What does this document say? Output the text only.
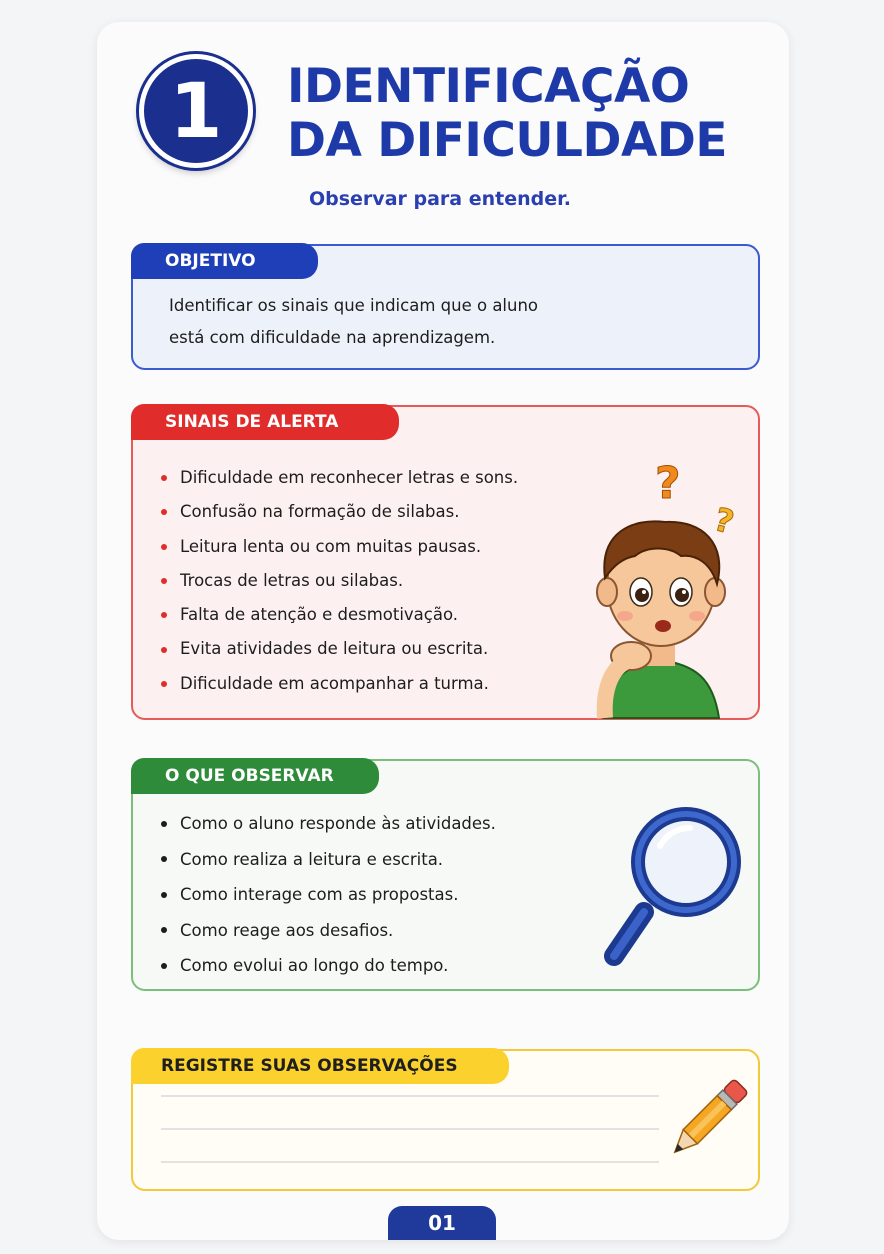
1	IDENTIFICAÇÃO
DA DIFICULDADE
Observar para entender.
OBJETIVO
Identificar os sinais que indicam que o aluno
está com dificuldade na aprendizagem.
SINAIS DE ALERTA
Dificuldade em reconhecer letras e sons.
Confusão na formação de silabas.
Leitura lenta ou com muitas pausas.
Trocas de letras ou silabas.
Falta de atenção e desmotivação.
Evita atividades de leitura ou escrita.
Dificuldade em acompanhar a turma.
?
?
O QUE OBSERVAR
Como o aluno responde às atividades.
Como realiza a leitura e escrita.
Como interage com as propostas.
Como reage aos desafios.
Como evolui ao longo do tempo.
REGISTRE SUAS OBSERVAÇÕES
01
